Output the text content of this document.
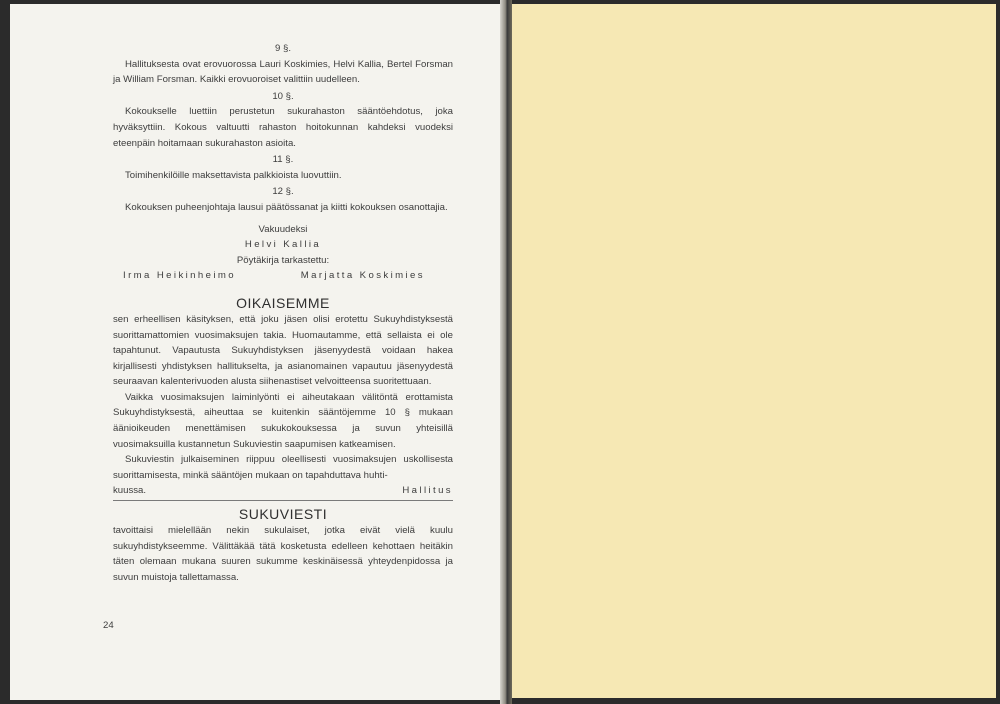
9 §.

Hallituksesta ovat erovuorossa Lauri Koskimies, Helvi Kallia, Bertel Forsman ja William Forsman. Kaikki erovuoroiset valittiin uudelleen.

10 §.

Kokoukselle luettiin perustetun sukurahaston sääntöehdotus, joka hyväksyttiin. Kokous valtuutti rahaston hoitokunnan kahdeksi vuodeksi eteenpäin hoitamaan sukurahaston asioita.

11 §.

Toimihenkilöille maksettavista palkkioista luovuttiin.

12 §.

Kokouksen puheenjohtaja lausui päätössanat ja kiitti kokouksen osanottajia.

Vakuudeksi
Helvi Kallia
Pöytäkirja tarkastettu:
Irma Heikinheimo	Marjatta Koskimies
OIKAISEMME

sen erheellisen käsityksen, että joku jäsen olisi erotettu Sukuyhdistyksestä suorittamattomien vuosimaksujen takia. Huomautamme, että sellaista ei ole tapahtunut. Vapautusta Sukuyhdistyksen jäsenyydestä voidaan hakea kirjallisesti yhdistyksen hallitukselta, ja asianomainen vapautuu jäsenyydestä seuraavan kalenterivuoden alusta siihenastiset velvoitteensa suoritettuaan.

Vaikka vuosimaksujen laiminlyönti ei aiheutakaan välitöntä erottamista Sukuyhdistyksestä, aiheuttaa se kuitenkin sääntöjemme 10 § mukaan äänioikeuden menettämisen sukukokouksessa ja suvun yhteisillä vuosimaksuilla kustannetun Sukuviestin saapumisen katkeamisen.

Sukuviestin julkaiseminen riippuu oleellisesti vuosimaksujen uskollisesta suorittamisesta, minkä sääntöjen mukaan on tapahduttava huhti-

kuussa.	Hallitus
SUKUVIESTI

tavoittaisi mielellään nekin sukulaiset, jotka eivät vielä kuulu sukuyhdistykseemme. Välittäkää tätä kosketusta edelleen kehottaen heitäkin täten olemaan mukana suuren sukumme keskinäisessä yhteydenpidossa ja suvun muistoja tallettamassa.

24
